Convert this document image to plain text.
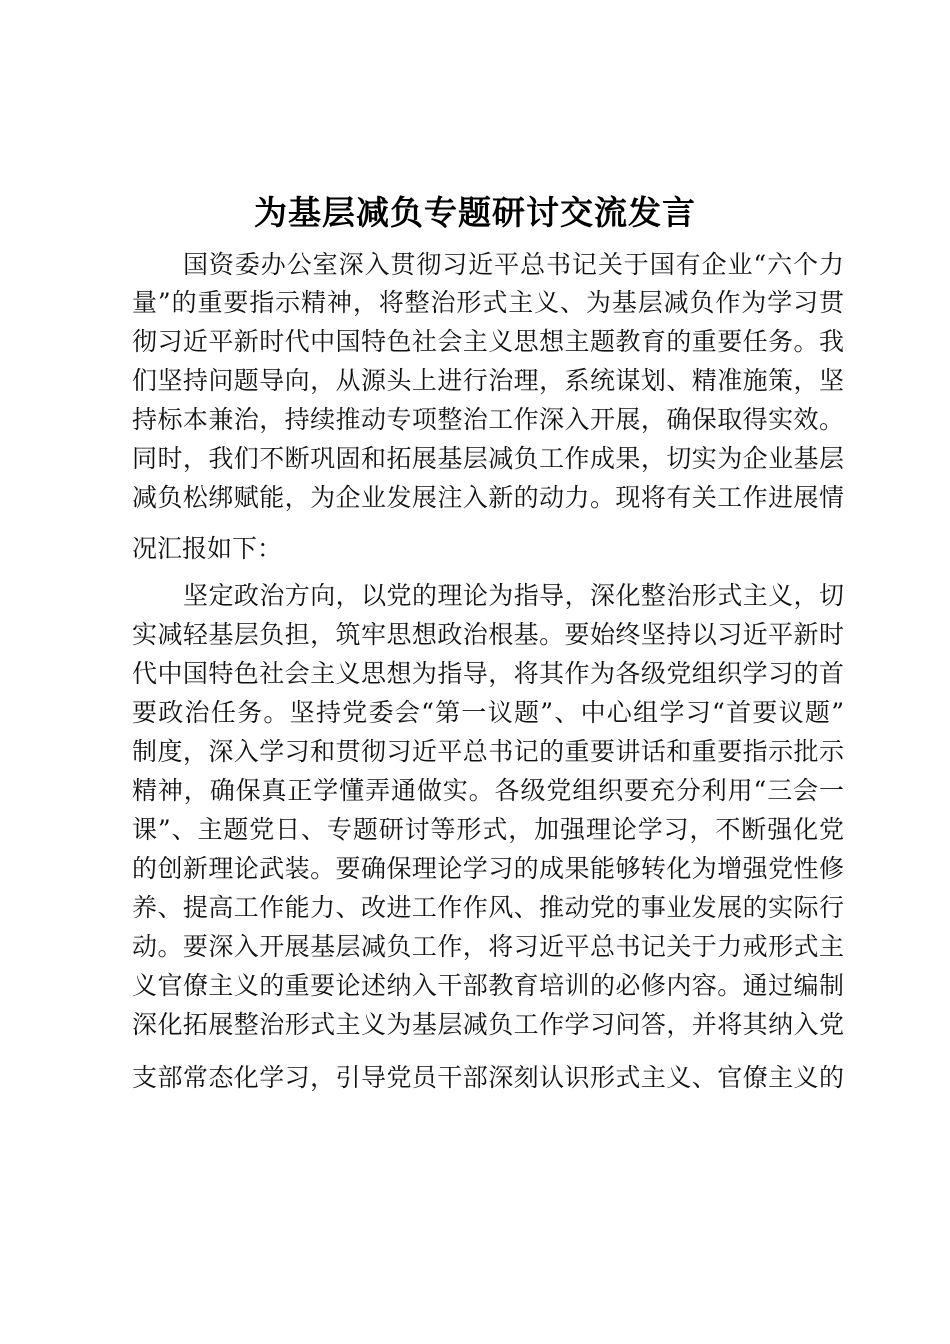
为基层减负专题研讨交流发言
国资委办公室深入贯彻习近平总书记关于国有企业“六个力
量”的重要指示精神，将整治形式主义、为基层减负作为学习贯
彻习近平新时代中国特色社会主义思想主题教育的重要任务。我
们坚持问题导向，从源头上进行治理，系统谋划、精准施策，坚
持标本兼治，持续推动专项整治工作深入开展，确保取得实效。
同时，我们不断巩固和拓展基层减负工作成果，切实为企业基层
减负松绑赋能，为企业发展注入新的动力。现将有关工作进展情
况汇报如下：
坚定政治方向，以党的理论为指导，深化整治形式主义，切
实减轻基层负担，筑牢思想政治根基。要始终坚持以习近平新时
代中国特色社会主义思想为指导，将其作为各级党组织学习的首
要政治任务。坚持党委会“第一议题”、中心组学习“首要议题”
制度，深入学习和贯彻习近平总书记的重要讲话和重要指示批示
精神，确保真正学懂弄通做实。各级党组织要充分利用“三会一
课”、主题党日、专题研讨等形式，加强理论学习，不断强化党
的创新理论武装。要确保理论学习的成果能够转化为增强党性修
养、提高工作能力、改进工作作风、推动党的事业发展的实际行
动。要深入开展基层减负工作，将习近平总书记关于力戒形式主
义官僚主义的重要论述纳入干部教育培训的必修内容。通过编制
深化拓展整治形式主义为基层减负工作学习问答，并将其纳入党
支部常态化学习，引导党员干部深刻认识形式主义、官僚主义的
